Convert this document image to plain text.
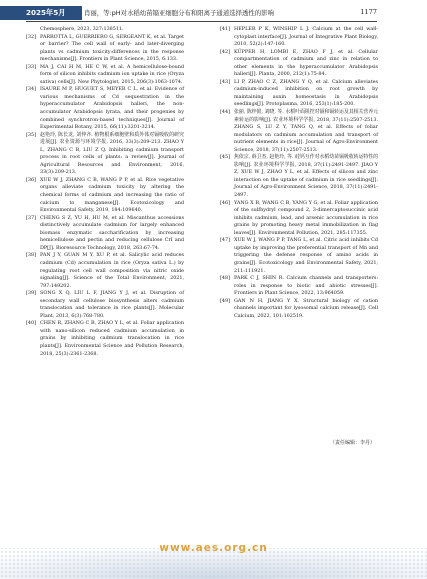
2025年5月	肖丽，等:pH对水稻幼苗镉亚细胞分布和阳离子通道选择透性的影响	1177
Chemosphere, 2023, 327:138511.
[32] PARROTTA L, GUERRIERO G, SERGEANT K, et al. Target or barrier? The cell wall of early- and later-diverging plants vs cadmium toxicity:differences in the response mechanisms[J]. Frontiers in Plant Science, 2015, 6:133.
[33] MA J, CAI H M, HE C W, et al. A hemicellulose-bound form of silicon inhibits cadmium ion uptake in rice (Oryza sativa) cells[J]. New Phytologist, 2015, 206(3):1063-1074.
[34] ISAURE M P, HUGUET S, MEYER C L, et al. Evidence of various mechanisms of Cd sequestration in the hyperaccumulator Arabidopsis halleri, the non-accumulator Arabidopsis lyrata, and their progenies by combined synchrotron-based techniques[J]. Journal of Experimental Botany, 2015, 66(11):3201-3214.
[35] 赵艳玲, 陈长龙, 刘仲齐. 植物根系细胞壁和质外体对镉吸收的研究进展[J]. 农业资源与环境学报, 2016, 33(3):209-213. ZHAO Y L, ZHANG C B, LIU Z Q. Inhibiting cadmium transport process in root cells of plants: a review[J]. Journal of Agricultural Resources and Environment, 2016, 33(3):209-213.
[36] XUE W J, ZHANG C B, WANG P P, et al. Rice vegetative organs alleviate cadmium toxicity by altering the chemical forms of cadmium and increasing the ratio of calcium to manganese[J]. Ecotoxicology and Environmental Safety, 2019, 184:109640.
[37] CHENG S Z, YU H, HU M, et al. Miscanthus accessions distinctively accumulate cadmium for largely enhanced biomass enzymatic saccharification by increasing hemicellulose and pectin and reducing cellulose CrI and DP[J]. Bioresource Technology, 2018, 263:67-74.
[38] PAN J Y, GUAN M Y, XU P, et al. Salicylic acid reduces cadmium (Cd) accumulation in rice (Oryza sativa L.) by regulating root cell wall composition via nitric oxide signaling[J]. Science of the Total Environment, 2021, 797:149202.
[39] SONG X Q, LIU L F, JIANG Y J, et al. Disruption of secondary wall cellulose biosynthesis alters cadmium translocation and tolerance in rice plants[J]. Molecular Plant, 2013, 6(3):768-780.
[40] CHEN R, ZHANG C B, ZHAO Y L, et al. Foliar application with nano-silicon reduced cadmium accumulation in grains by inhibiting cadmium translocation in rice plants[J]. Environmental Science and Pollution Research, 2018, 25(3):2361-2368.
[41] HEPLER P K, WINSHIP L J. Calcium at the cell wall-cytoplast interface[J]. Journal of Integrative Plant Biology, 2010, 52(2):147-160.
[42] KÜPPER H, LOMBI E, ZHAO F J, et al. Cellular compartmentation of cadmium and zinc in relation to other elements in the hyperaccumulator Arabidopsis halleri[J]. Planta, 2000, 212(1):75-84.
[43] LI P, ZHAO C Z, ZHANG Y Q, et al. Calcium alleviates cadmium-induced inhibition on root growth by maintaining auxin homeostasis in Arabidopsis seedlings[J]. Protoplasma, 2016, 253(1):185-200.
[44] 张丽, 陈梓银, 刘晓, 等. 水稻叶面阻控对镉和镉转运及其相关营养元素转运的影响[J]. 农业环境科学学报, 2018, 37(11):2507-2513. ZHANG S, LU Z Y, TANG Q, et al. Effects of foliar modulators on cadmium accumulation and transport of nutrient elements in rice[J]. Journal of Agro-Environment Science, 2018, 37(11):2507-2513.
[45] 焦依宗, 薛卫杰, 赵艳玲, 等. 硅钙互作对水稻幼苗镉吸收转运特性的影响[J]. 农业环境科学学报, 2018, 37(11):2491-2497. JIAO Y Z, XUE W J, ZHAO Y L, et al. Effects of silicon and zinc interaction on the uptake of cadmium in rice seedlings[J]. Journal of Agro-Environment Science, 2018, 37(11):2491-2497.
[46] YANG X B, WANG C B, YANG Y G, et al. Foliar application of the sulfhydryl compound 2, 3-dimercaptosuccinic acid inhibits cadmium, lead, and arsenic accumulation in rice grains by promoting heavy metal immobilization in flag leaves[J]. Environmental Pollution, 2021, 285:117355.
[47] XUE W J, WANG P P, TANG L, et al. Citric acid inhibits Cd uptake by improving the preferential transport of Mn and triggering the defense response of amino acids in grains[J]. Ecotoxicology and Environmental Safety, 2021, 211:111921.
[48] PARK C J, SHIN R. Calcium channels and transporters: roles in response to biotic and abiotic stresses[J]. Frontiers in Plant Science, 2022, 13:964059.
[49] GAN N H, JIANG Y X. Structural biology of cation channels important for lysosomal calcium release[J]. Cell Calcium, 2022, 101:102519.
（责任编辑：李丹）
www.aes.org.cn
